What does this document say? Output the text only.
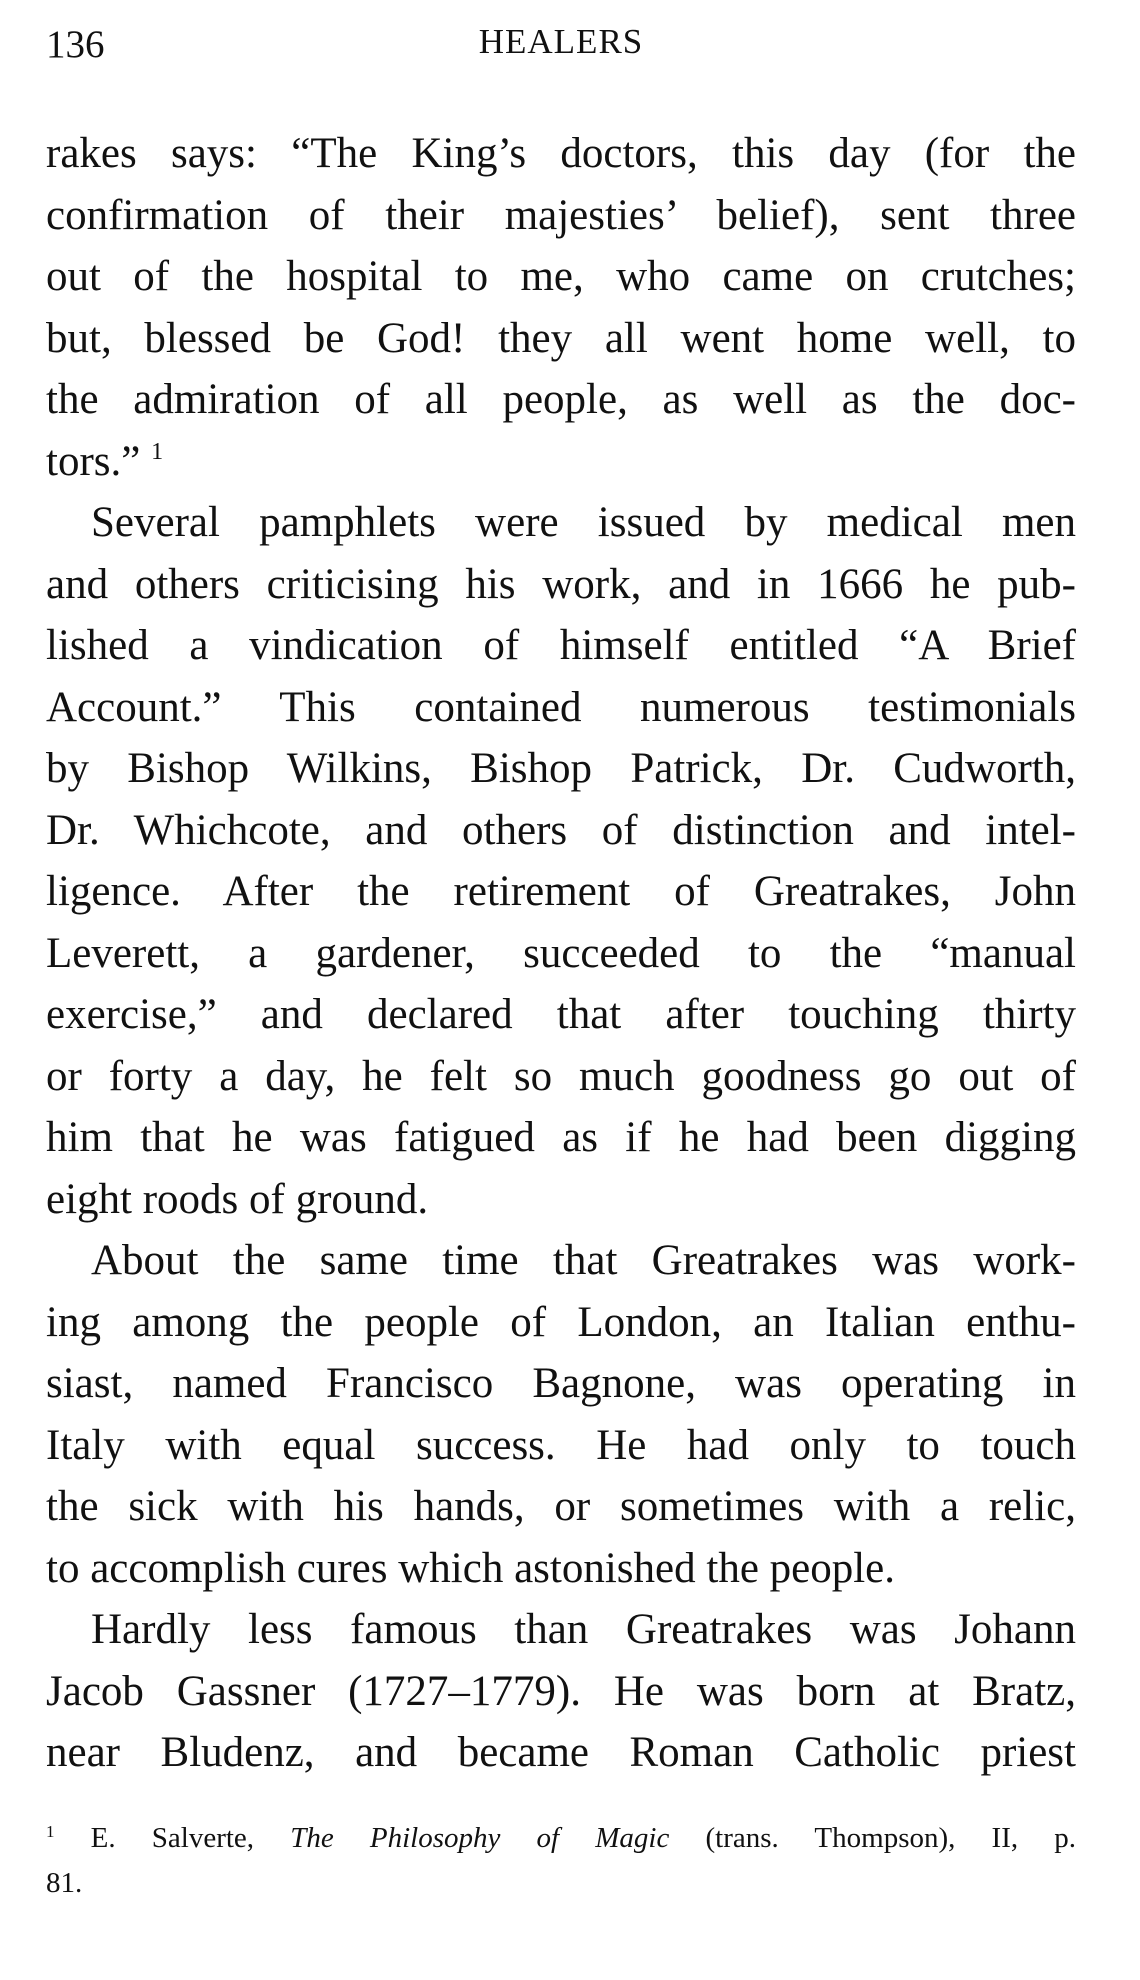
136	HEALERS
rakes says: “The King’s doctors, this day (for the
confirmation of their majesties’ belief), sent three
out of the hospital to me, who came on crutches;
but, blessed be God! they all went home well, to
the admiration of all people, as well as the doc-
tors.” $^1$
Several pamphlets were issued by medical men
and others criticising his work, and in 1666 he pub-
lished a vindication of himself entitled “A Brief
Account.” This contained numerous testimonials
by Bishop Wilkins, Bishop Patrick, Dr. Cudworth,
Dr. Whichcote, and others of distinction and intel-
ligence. After the retirement of Greatrakes, John
Leverett, a gardener, succeeded to the “manual
exercise,” and declared that after touching thirty
or forty a day, he felt so much goodness go out of
him that he was fatigued as if he had been digging
eight roods of ground.
About the same time that Greatrakes was work-
ing among the people of London, an Italian enthu-
siast, named Francisco Bagnone, was operating in
Italy with equal success. He had only to touch
the sick with his hands, or sometimes with a relic,
to accomplish cures which astonished the people.
Hardly less famous than Greatrakes was Johann
Jacob Gassner (1727–1779). He was born at Bratz,
near Bludenz, and became Roman Catholic priest
$^1$ E. Salverte, The Philosophy of Magic (trans. Thompson), II, p.
81.
